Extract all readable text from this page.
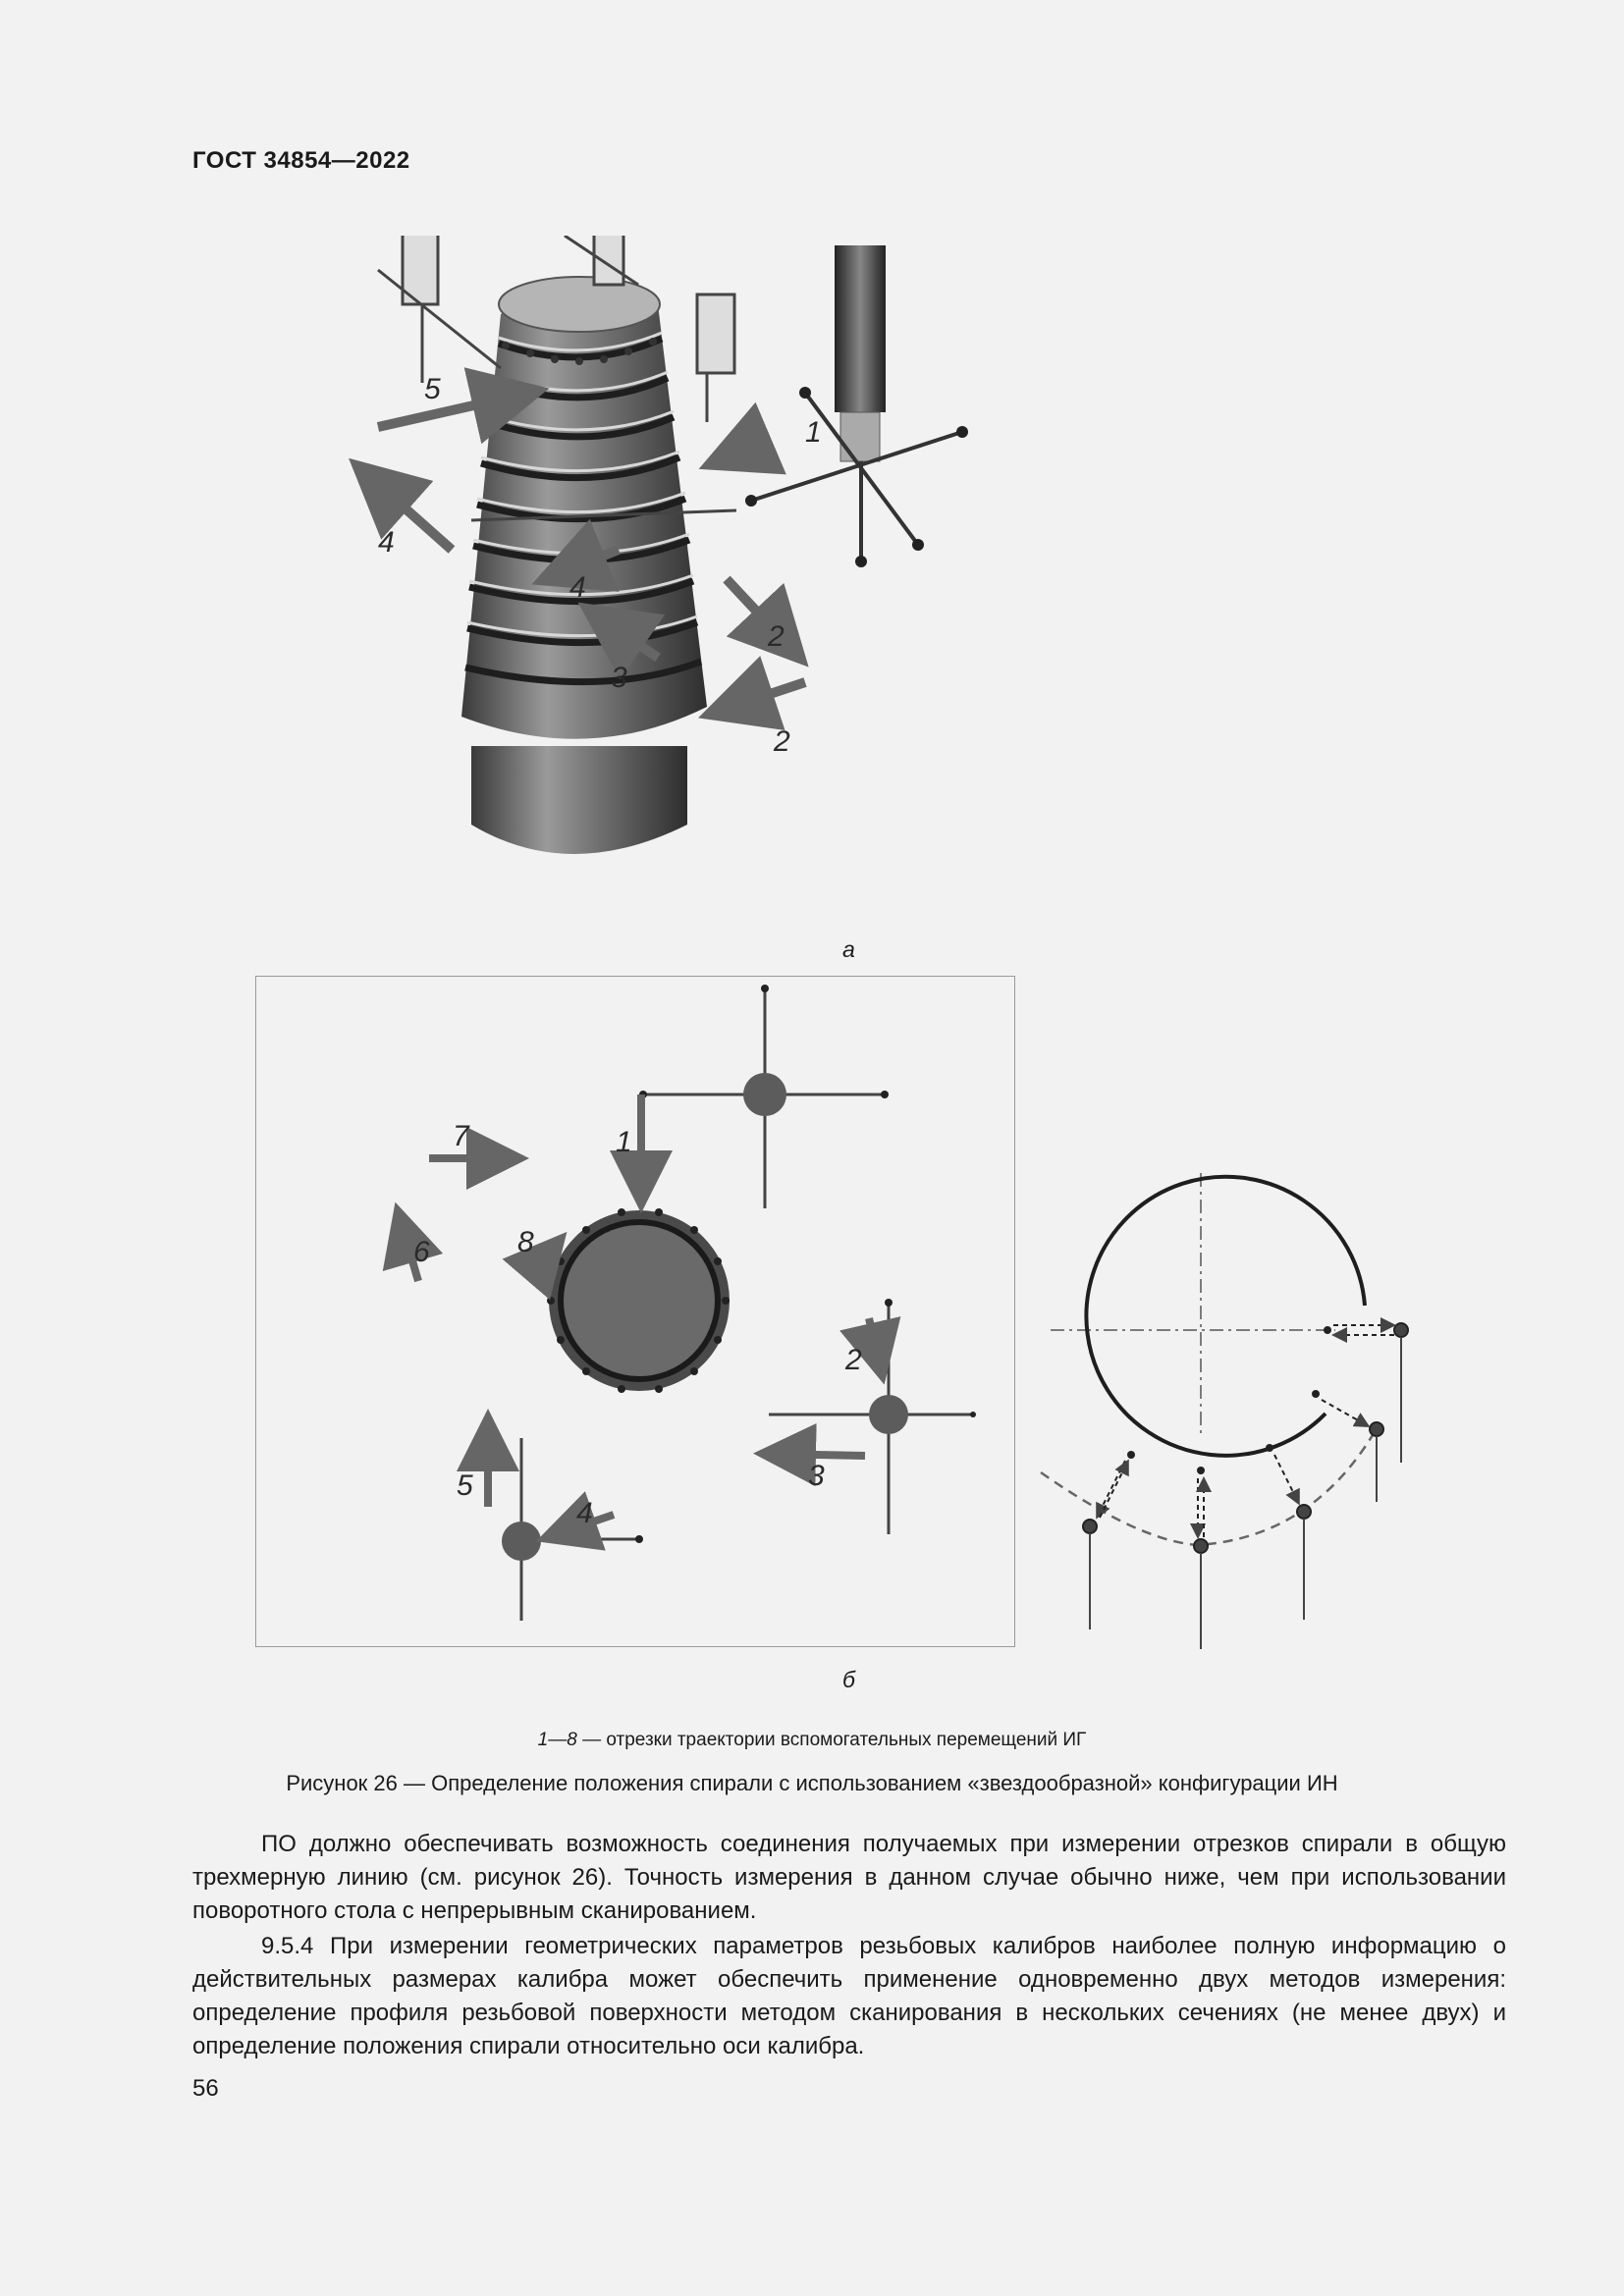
ГОСТ 34854—2022
5
1
4
4
2
3
2
а
7	1
6	8
2
5	3
4
б
1—8 — отрезки траектории вспомогательных перемещений ИГ
Рисунок 26 — Определение положения спирали с использованием «звездообразной» конфигурации ИН

ПО должно обеспечивать возможность соединения получаемых при измерении отрезков спирали в общую трехмерную линию (см. рисунок 26). Точность измерения в данном случае обычно ниже, чем при использовании поворотного стола с непрерывным сканированием.

9.5.4 При измерении геометрических параметров резьбовых калибров наиболее полную информацию о действительных размерах калибра может обеспечить применение одновременно двух методов измерения: определение профиля резьбовой поверхности методом сканирования в нескольких сечениях (не менее двух) и определение положения спирали относительно оси калибра.

56
